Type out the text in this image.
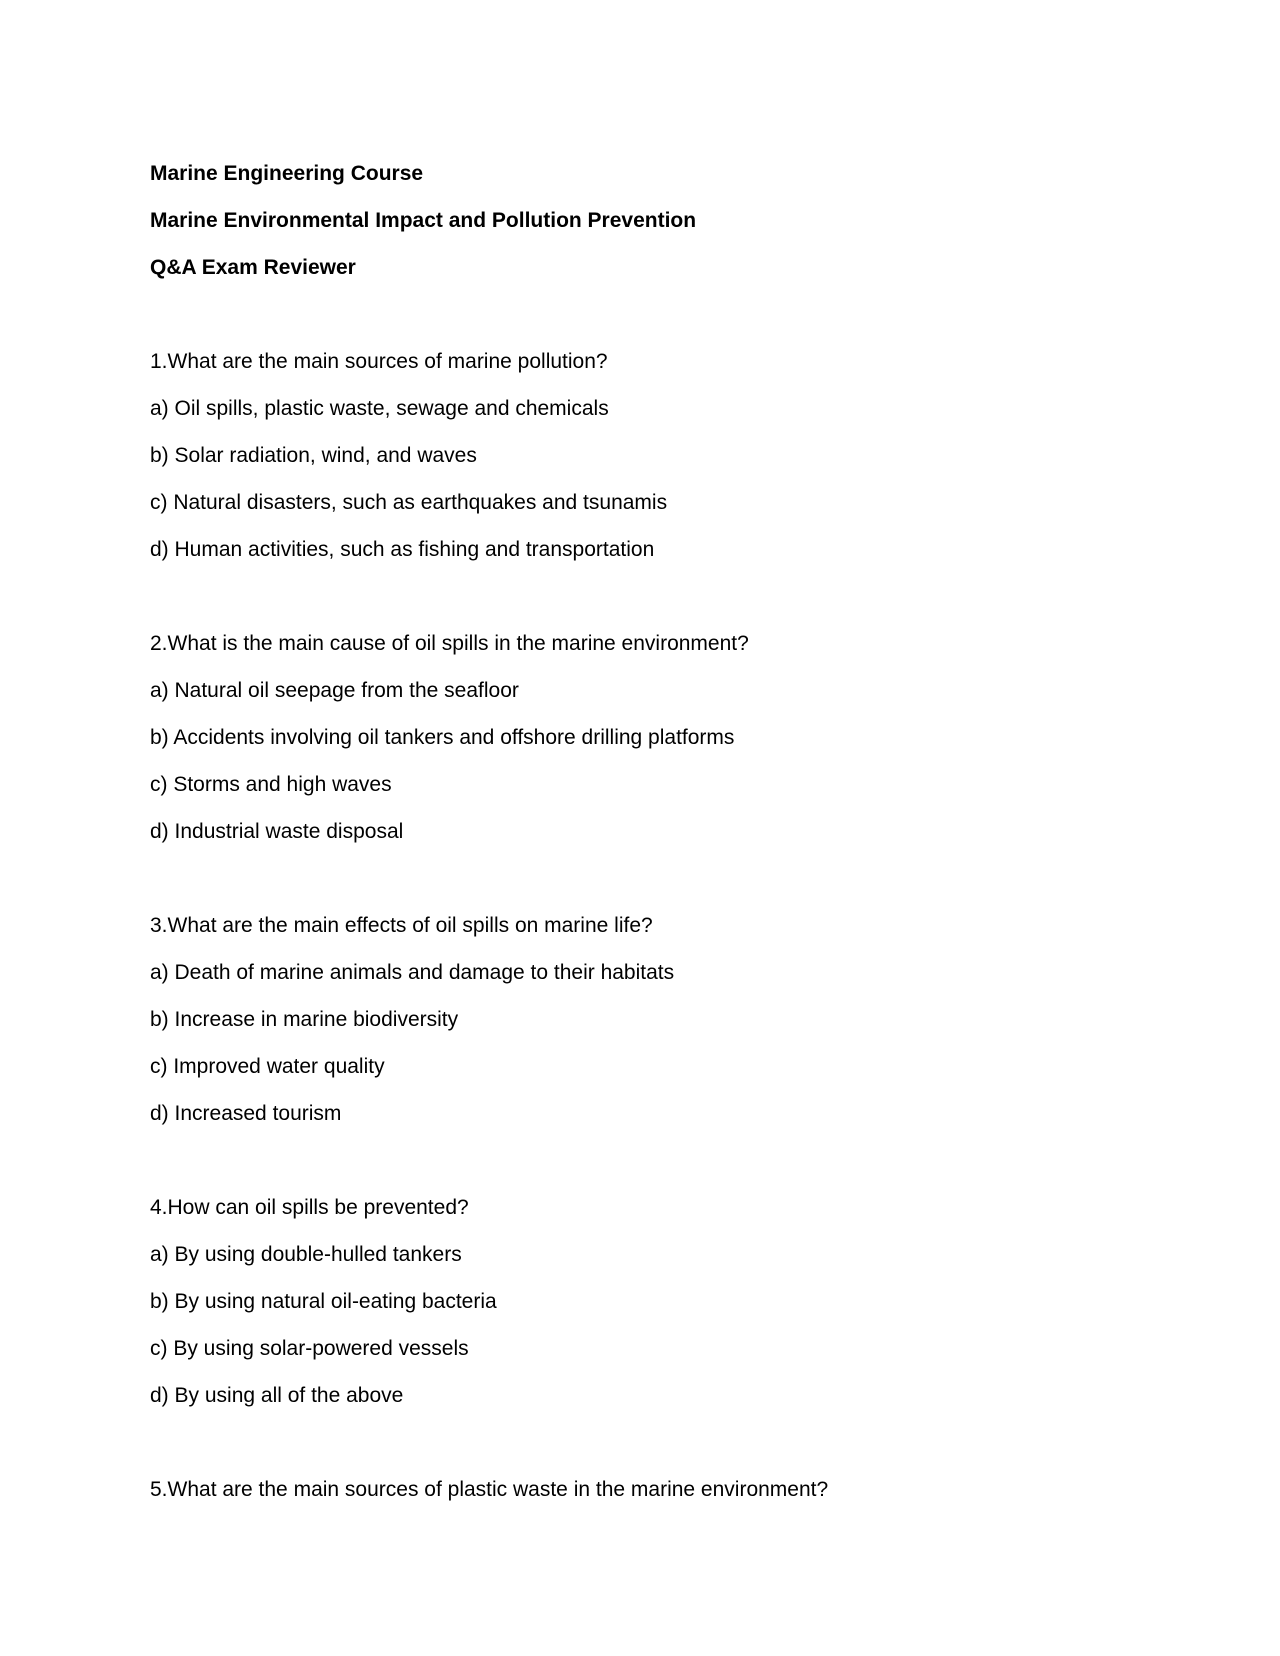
Marine Engineering Course
Marine Environmental Impact and Pollution Prevention
Q&A Exam Reviewer
1.What are the main sources of marine pollution?
a) Oil spills, plastic waste, sewage and chemicals
b) Solar radiation, wind, and waves
c) Natural disasters, such as earthquakes and tsunamis
d) Human activities, such as fishing and transportation
2.What is the main cause of oil spills in the marine environment?
a) Natural oil seepage from the seafloor
b) Accidents involving oil tankers and offshore drilling platforms
c) Storms and high waves
d) Industrial waste disposal
3.What are the main effects of oil spills on marine life?
a) Death of marine animals and damage to their habitats
b) Increase in marine biodiversity
c) Improved water quality
d) Increased tourism
4.How can oil spills be prevented?
a) By using double-hulled tankers
b) By using natural oil-eating bacteria
c) By using solar-powered vessels
d) By using all of the above
5.What are the main sources of plastic waste in the marine environment?
